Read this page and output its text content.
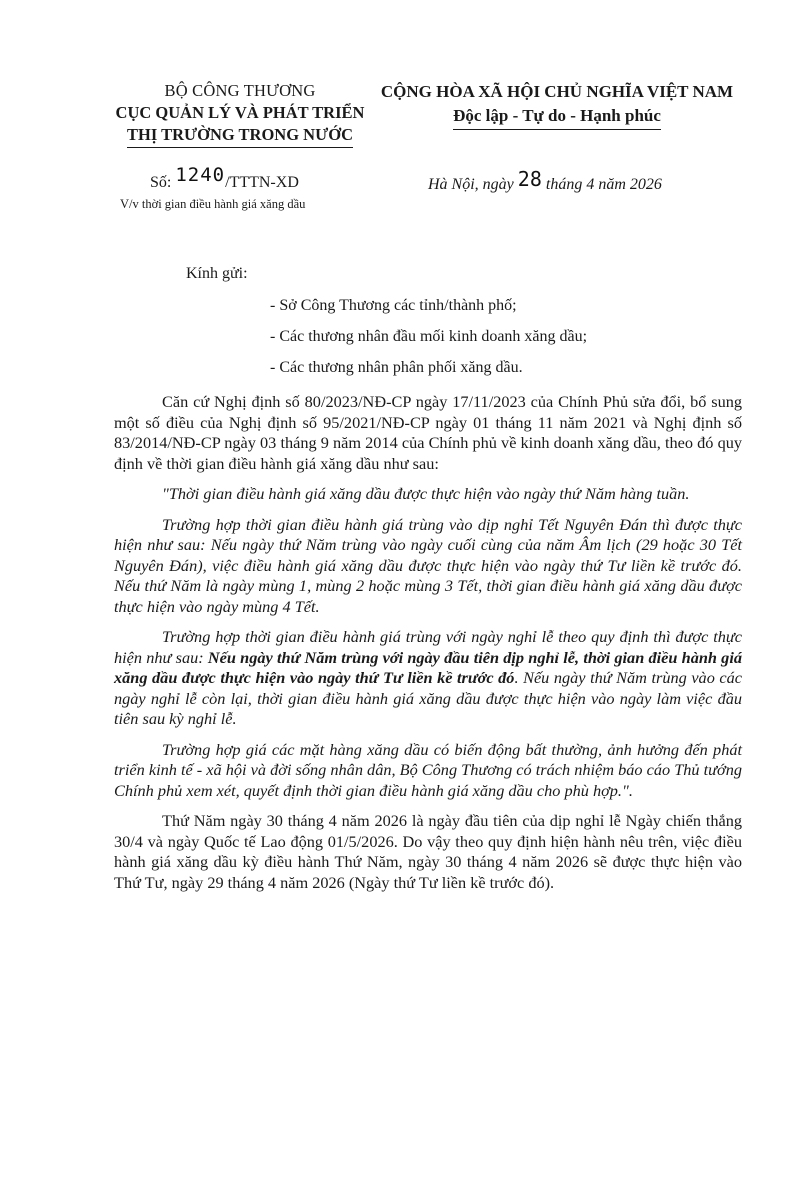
BỘ CÔNG THƯƠNG
CỤC QUẢN LÝ VÀ PHÁT TRIỂN
THỊ TRƯỜNG TRONG NƯỚC
CỘNG HÒA XÃ HỘI CHỦ NGHĨA VIỆT NAM
Độc lập - Tự do - Hạnh phúc
Số: 1240/TTTN-XD
V/v thời gian điều hành giá xăng dầu
Hà Nội, ngày 28 tháng 4 năm 2026
Kính gửi:
- Sở Công Thương các tỉnh/thành phố;
- Các thương nhân đầu mối kinh doanh xăng dầu;
- Các thương nhân phân phối xăng dầu.

Căn cứ Nghị định số 80/2023/NĐ-CP ngày 17/11/2023 của Chính Phủ sửa đổi, bổ sung một số điều của Nghị định số 95/2021/NĐ-CP ngày 01 tháng 11 năm 2021 và Nghị định số 83/2014/NĐ-CP ngày 03 tháng 9 năm 2014 của Chính phủ về kinh doanh xăng dầu, theo đó quy định về thời gian điều hành giá xăng dầu như sau:

"Thời gian điều hành giá xăng dầu được thực hiện vào ngày thứ Năm hàng tuần.

Trường hợp thời gian điều hành giá trùng vào dịp nghỉ Tết Nguyên Đán thì được thực hiện như sau: Nếu ngày thứ Năm trùng vào ngày cuối cùng của năm Âm lịch (29 hoặc 30 Tết Nguyên Đán), việc điều hành giá xăng dầu được thực hiện vào ngày thứ Tư liền kề trước đó. Nếu thứ Năm là ngày mùng 1, mùng 2 hoặc mùng 3 Tết, thời gian điều hành giá xăng dầu được thực hiện vào ngày mùng 4 Tết.

Trường hợp thời gian điều hành giá trùng với ngày nghỉ lễ theo quy định thì được thực hiện như sau: Nếu ngày thứ Năm trùng với ngày đầu tiên dịp nghỉ lễ, thời gian điều hành giá xăng dầu được thực hiện vào ngày thứ Tư liền kề trước đó. Nếu ngày thứ Năm trùng vào các ngày nghỉ lễ còn lại, thời gian điều hành giá xăng dầu được thực hiện vào ngày làm việc đầu tiên sau kỳ nghỉ lễ.

Trường hợp giá các mặt hàng xăng dầu có biến động bất thường, ảnh hưởng đến phát triển kinh tế - xã hội và đời sống nhân dân, Bộ Công Thương có trách nhiệm báo cáo Thủ tướng Chính phủ xem xét, quyết định thời gian điều hành giá xăng dầu cho phù hợp.".

Thứ Năm ngày 30 tháng 4 năm 2026 là ngày đầu tiên của dịp nghỉ lễ Ngày chiến thắng 30/4 và ngày Quốc tế Lao động 01/5/2026. Do vậy theo quy định hiện hành nêu trên, việc điều hành giá xăng dầu kỳ điều hành Thứ Năm, ngày 30 tháng 4 năm 2026 sẽ được thực hiện vào Thứ Tư, ngày 29 tháng 4 năm 2026 (Ngày thứ Tư liền kề trước đó).
